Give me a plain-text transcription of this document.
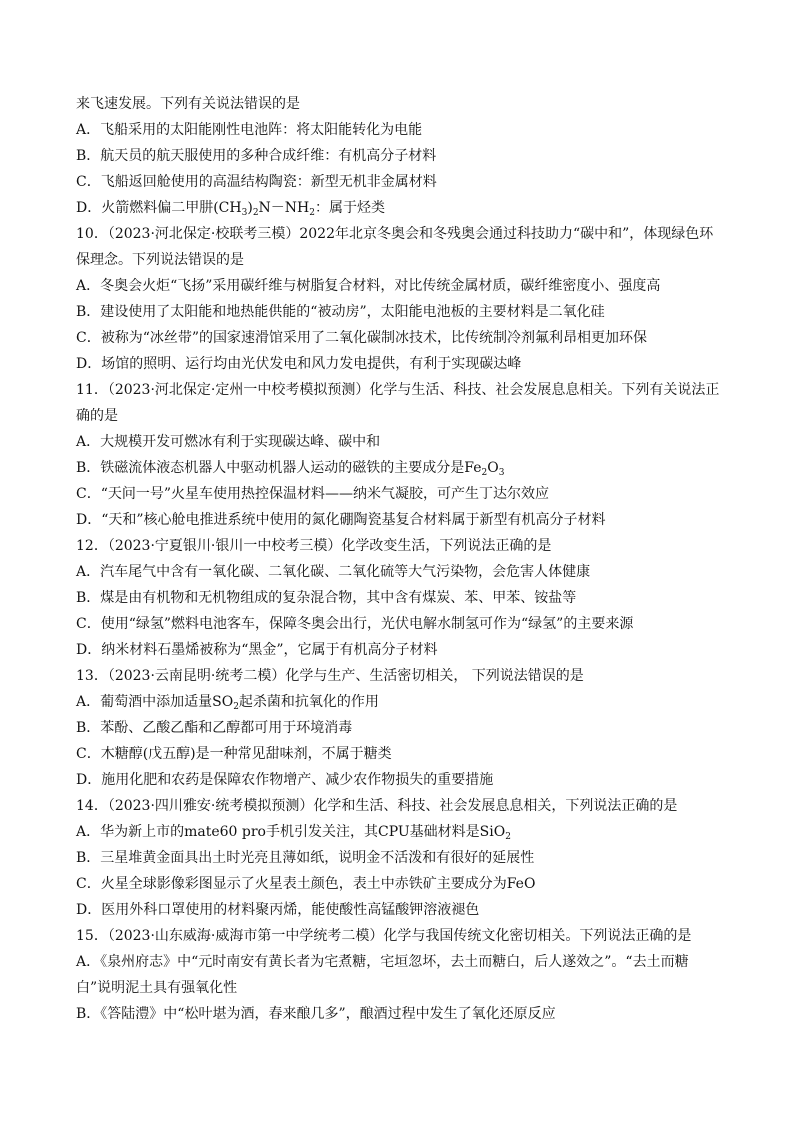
来飞速发展。下列有关说法错误的是
A．飞船采用的太阳能刚性电池阵：将太阳能转化为电能
B．航天员的航天服使用的多种合成纤维：有机高分子材料
C．飞船返回舱使用的高温结构陶瓷：新型无机非金属材料
D．火箭燃料偏二甲肼$(CH_3)_2N-NH_2$：属于烃类
10．（2023·河北保定·校联考三模）2022年北京冬奥会和冬残奥会通过科技助力“碳中和”，体现绿色环
保理念。下列说法错误的是
A．冬奥会火炬“飞扬”采用碳纤维与树脂复合材料，对比传统金属材质，碳纤维密度小、强度高
B．建设使用了太阳能和地热能供能的“被动房”，太阳能电池板的主要材料是二氧化硅
C．被称为“冰丝带”的国家速滑馆采用了二氧化碳制冰技术，比传统制冷剂氟利昂相更加环保
D．场馆的照明、运行均由光伏发电和风力发电提供，有利于实现碳达峰
11．（2023·河北保定·定州一中校考模拟预测）化学与生活、科技、社会发展息息相关。下列有关说法正
确的是
A．大规模开发可燃冰有利于实现碳达峰、碳中和
B．铁磁流体液态机器人中驱动机器人运动的磁铁的主要成分是$Fe_2O_3$
C．“天问一号”火星车使用热控保温材料——纳米气凝胶，可产生丁达尔效应
D．“天和”核心舱电推进系统中使用的氮化硼陶瓷基复合材料属于新型有机高分子材料
12．（2023·宁夏银川·银川一中校考三模）化学改变生活，下列说法正确的是
A．汽车尾气中含有一氧化碳、二氧化碳、二氧化硫等大气污染物，会危害人体健康
B．煤是由有机物和无机物组成的复杂混合物，其中含有煤炭、苯、甲苯、铵盐等
C．使用“绿氢”燃料电池客车，保障冬奥会出行，光伏电解水制氢可作为“绿氢”的主要来源
D．纳米材料石墨烯被称为“黑金”，它属于有机高分子材料
13．（2023·云南昆明·统考二模）化学与生产、生活密切相关， 下列说法错误的是
A．葡萄酒中添加适量$SO_2$起杀菌和抗氧化的作用
B．苯酚、乙酸乙酯和乙醇都可用于环境消毒
C．木糖醇(戊五醇)是一种常见甜味剂，不属于糖类
D．施用化肥和农药是保障农作物增产、减少农作物损失的重要措施
14．（2023·四川雅安·统考模拟预测）化学和生活、科技、社会发展息息相关，下列说法正确的是
A．华为新上市的mate60 pro手机引发关注，其CPU基础材料是SiO$_2$
B．三星堆黄金面具出土时光亮且薄如纸，说明金不活泼和有很好的延展性
C．火星全球影像彩图显示了火星表土颜色，表土中赤铁矿主要成分为FeO
D．医用外科口罩使用的材料聚丙烯，能使酸性高锰酸钾溶液褪色
15．（2023·山东威海·威海市第一中学统考二模）化学与我国传统文化密切相关。下列说法正确的是
A．《泉州府志》中“元时南安有黄长者为宅煮糖，宅垣忽坏，去土而糖白，后人遂效之”。“去土而糖
白”说明泥土具有强氧化性
B．《答陆澧》中“松叶堪为酒，春来酿几多”，酿酒过程中发生了氧化还原反应
